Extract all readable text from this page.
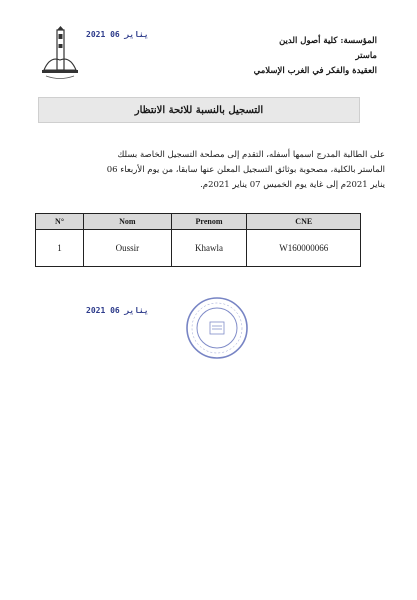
2021 يناير 06
المؤسسة: كلية أصول الدين
ماستر
العقيدة والفكر في الغرب الإسلامي
التسجيل بالنسبة للائحة الانتظار
على الطالبة المدرج اسمها أسفله، التقدم إلى مصلحة التسجيل الخاصة بسلك
الماستر بالكلية، مصحوبة بوثائق التسجيل المعلن عنها سابقا، من يوم الأربعاء 06
يناير 2021م إلى غاية يوم الخميس 07 يناير 2021م.
N°	Nom	Prenom	CNE
1	Oussir	Khawla	W160000066
2021 يناير 06
